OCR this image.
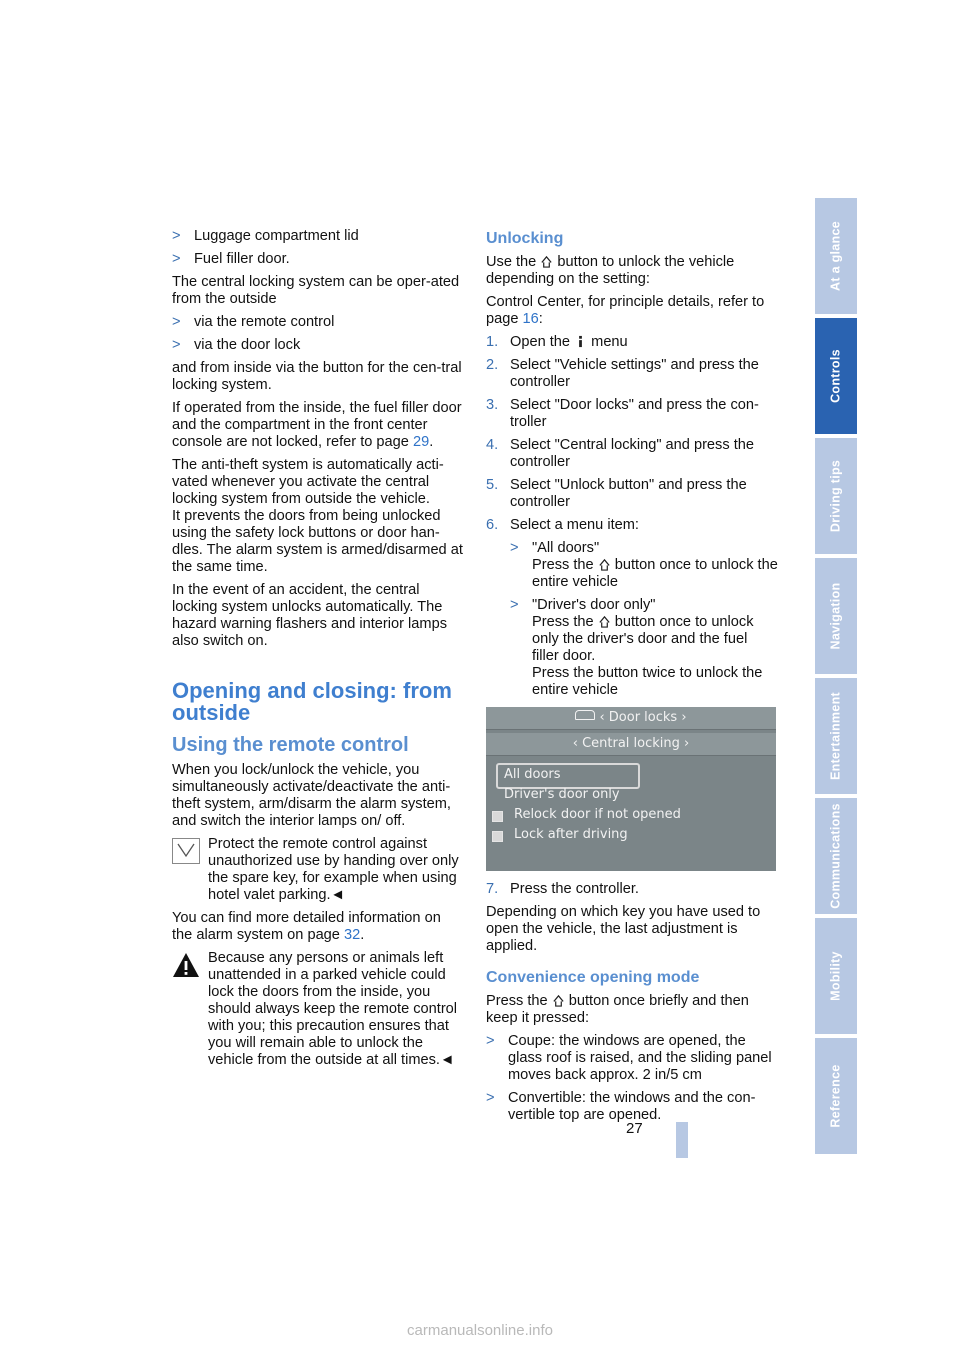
> Luggage compartment lid
> Fuel filler door.

The central locking system can be oper-ated from the outside

> via the remote control
> via the door lock

and from inside via the button for the cen-tral locking system.

If operated from the inside, the fuel filler door and the compartment in the front center console are not locked, refer to page 29.

The anti-theft system is automatically acti-vated whenever you activate the central locking system from outside the vehicle.

It prevents the doors from being unlocked using the safety lock buttons or door han-dles. The alarm system is armed/disarmed at the same time.

In the event of an accident, the central locking system unlocks automatically. The hazard warning flashers and interior lamps also switch on.

Opening and closing: from outside
Using the remote control

When you lock/unlock the vehicle, you simultaneously activate/deactivate the anti-theft system, arm/disarm the alarm system, and switch the interior lamps on/ off.

Protect the remote control against unauthorized use by handing over only the spare key, for example when using hotel valet parking.◄

You can find more detailed information on the alarm system on page 32.

Because any persons or animals left unattended in a parked vehicle could lock the doors from the inside, you should always keep the remote control with you; this precaution ensures that you will remain able to unlock the vehicle from the outside at all times.◄
Unlocking

Use the  button to unlock the vehicle depending on the setting:

Control Center, for principle details, refer to page 16:

1. Open the  menu
2. Select "Vehicle settings" and press the controller
3. Select "Door locks" and press the con-troller
4. Select "Central locking" and press the controller
5. Select "Unlock button" and press the controller
6. Select a menu item:
> "All doors"
Press the  button once to unlock the entire vehicle
> "Driver's door only"
Press the  button once to unlock only the driver's door and the fuel filler door.
Press the button twice to unlock the entire vehicle
‹ Door locks ›
‹ Central locking ›
All doors
Driver's door only
Relock door if not opened
Lock after driving
7. Press the controller.

Depending on which key you have used to open the vehicle, the last adjustment is applied.

Convenience opening mode

Press the  button once briefly and then keep it pressed:

> Coupe: the windows are opened, the glass roof is raised, and the sliding panel moves back approx. 2 in/5 cm
> Convertible: the windows and the con-vertible top are opened.
At a glance
Controls
Driving tips
Navigation
Entertainment
Communications
Mobility
Reference
27
carmanualsonline.info
